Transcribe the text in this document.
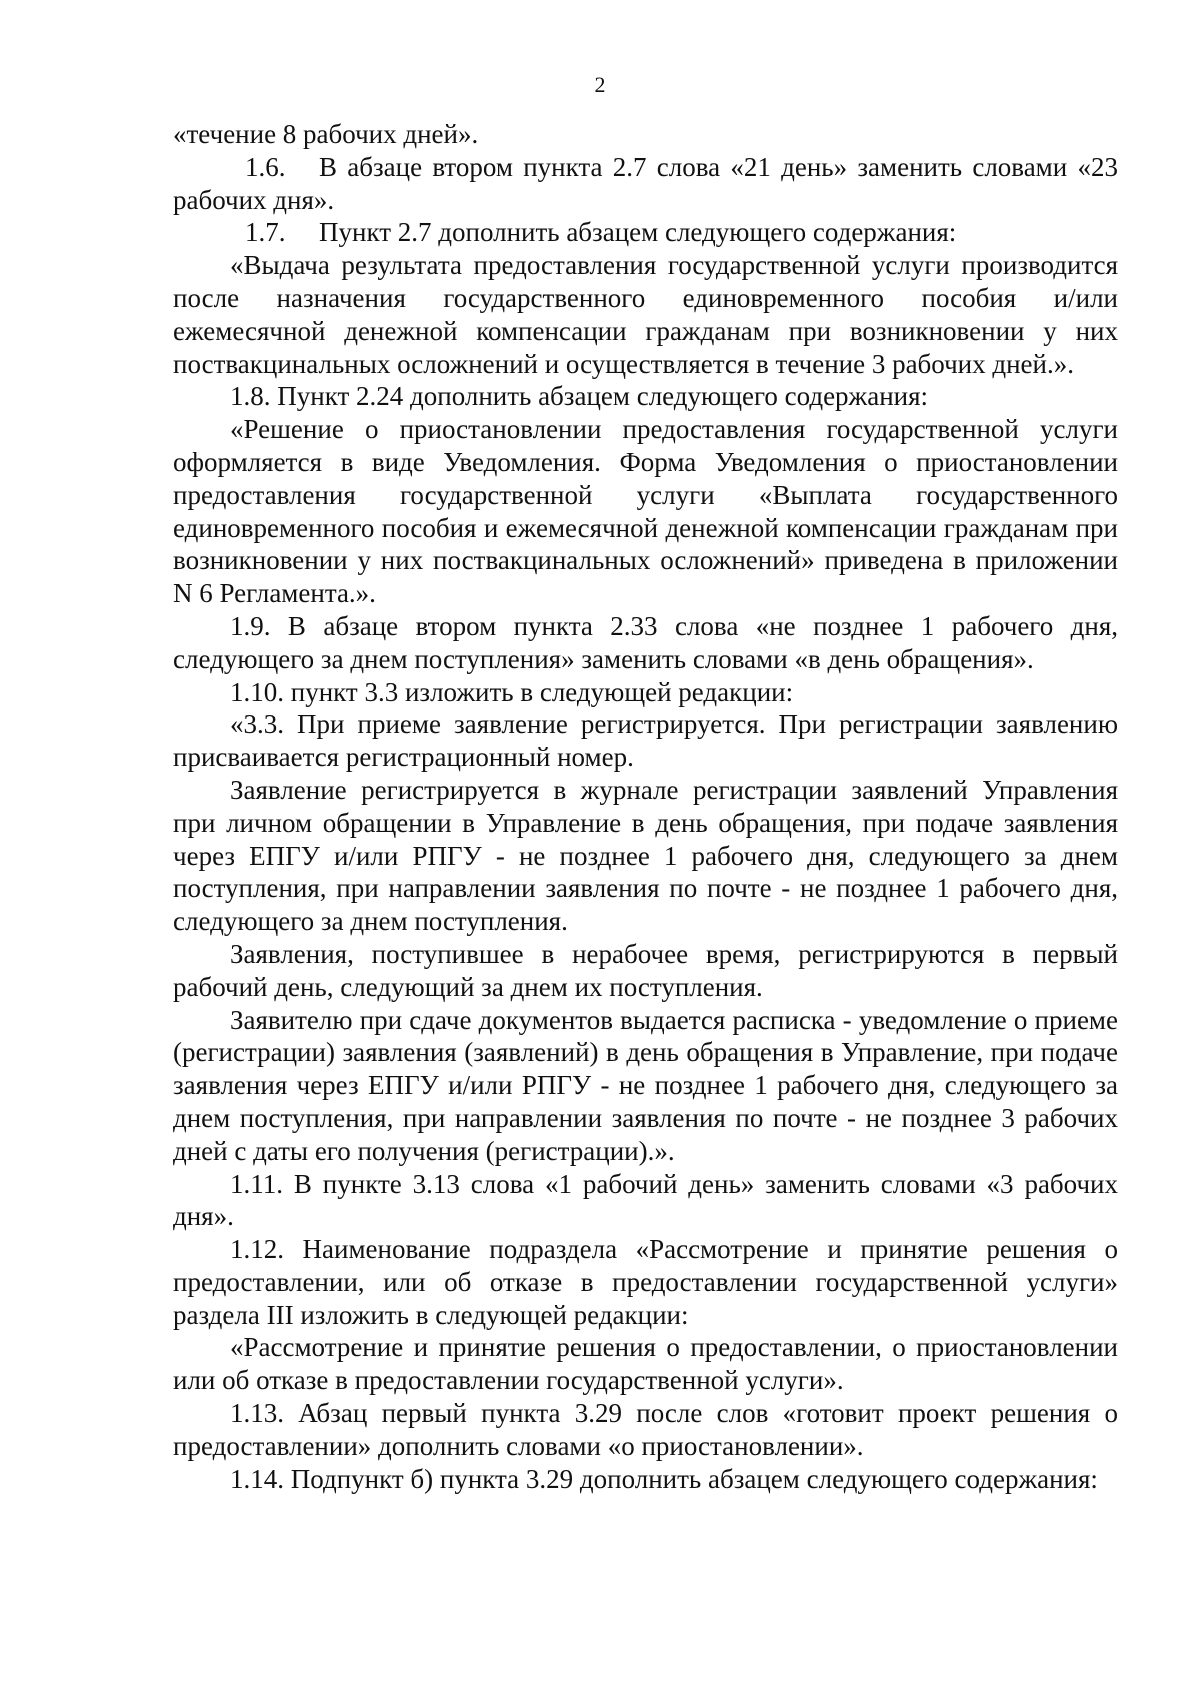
2

«течение 8 рабочих дней».

1.6. В абзаце втором пункта 2.7 слова «21 день» заменить словами «23 рабочих дня».

1.7. Пункт 2.7 дополнить абзацем следующего содержания:

«Выдача результата предоставления государственной услуги производится после назначения государственного единовременного пособия и/или ежемесячной денежной компенсации гражданам при возникновении у них поствакцинальных осложнений и осуществляется в течение 3 рабочих дней.».

1.8. Пункт 2.24 дополнить абзацем следующего содержания:

«Решение о приостановлении предоставления государственной услуги оформляется в виде Уведомления. Форма Уведомления о приостановлении предоставления государственной услуги «Выплата государственного единовременного пособия и ежемесячной денежной компенсации гражданам при возникновении у них поствакцинальных осложнений» приведена в приложении N 6 Регламента.».

1.9. В абзаце втором пункта 2.33 слова «не позднее 1 рабочего дня, следующего за днем поступления» заменить словами «в день обращения».

1.10. пункт 3.3 изложить в следующей редакции:

«3.3. При приеме заявление регистрируется. При регистрации заявлению присваивается регистрационный номер.

Заявление регистрируется в журнале регистрации заявлений Управления при личном обращении в Управление в день обращения, при подаче заявления через ЕПГУ и/или РПГУ - не позднее 1 рабочего дня, следующего за днем поступления, при направлении заявления по почте - не позднее 1 рабочего дня, следующего за днем поступления.

Заявления, поступившее в нерабочее время, регистрируются в первый рабочий день, следующий за днем их поступления.

Заявителю при сдаче документов выдается расписка - уведомление о приеме (регистрации) заявления (заявлений) в день обращения в Управление, при подаче заявления через ЕПГУ и/или РПГУ - не позднее 1 рабочего дня, следующего за днем поступления, при направлении заявления по почте - не позднее 3 рабочих дней с даты его получения (регистрации).».

1.11. В пункте 3.13 слова «1 рабочий день» заменить словами «3 рабочих дня».

1.12. Наименование подраздела «Рассмотрение и принятие решения о предоставлении, или об отказе в предоставлении государственной услуги» раздела III изложить в следующей редакции:

«Рассмотрение и принятие решения о предоставлении, о приостановлении или об отказе в предоставлении государственной услуги».

1.13. Абзац первый пункта 3.29 после слов «готовит проект решения о предоставлении» дополнить словами «о приостановлении».

1.14. Подпункт б) пункта 3.29 дополнить абзацем следующего содержания:
